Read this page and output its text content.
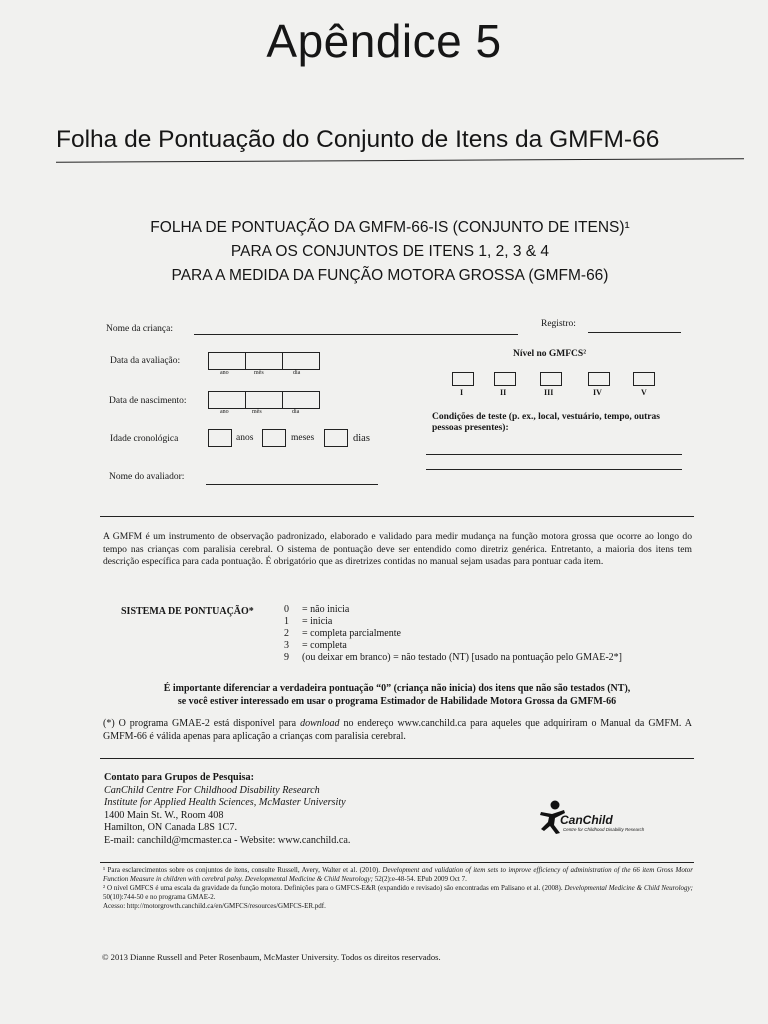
Apêndice 5
Folha de Pontuação do Conjunto de Itens da GMFM-66
FOLHA DE PONTUAÇÃO DA GMFM-66-IS (CONJUNTO DE ITENS)¹
PARA OS CONJUNTOS DE ITENS 1, 2, 3 & 4
PARA A MEDIDA DA FUNÇÃO MOTORA GROSSA (GMFM-66)
Nome da criança:	Registro:
Data da avaliação:
ano	mês	dia
Nível no GMFCS²
I	II	III	IV	V
Data de nascimento:
ano	mês	dia	Condições de teste (p. ex., local, vestuário, tempo, outras pessoas presentes):
Idade cronológica	anos	meses	dias
Nome do avaliador:
A GMFM é um instrumento de observação padronizado, elaborado e validado para medir mudança na função motora grossa que ocorre ao longo do tempo nas crianças com paralisia cerebral. O sistema de pontuação deve ser entendido como diretriz genérica. Entretanto, a maioria dos itens tem descrição específica para cada pontuação. É obrigatório que as diretrizes contidas no manual sejam usadas para pontuar cada item.
SISTEMA DE PONTUAÇÃO*	0 = não inicia
1 = inicia
2 = completa parcialmente
3 = completa
9 (ou deixar em branco) = não testado (NT) [usado na pontuação pelo GMAE-2*]
É importante diferenciar a verdadeira pontuação “0” (criança não inicia) dos itens que não são testados (NT),
se você estiver interessado em usar o programa Estimador de Habilidade Motora Grossa da GMFM-66
(*) O programa GMAE-2 está disponível para download no endereço www.canchild.ca para aqueles que adquiriram o Manual da GMFM. A GMFM-66 é válida apenas para aplicação a crianças com paralisia cerebral.
Contato para Grupos de Pesquisa:
CanChild Centre For Childhood Disability Research
Institute for Applied Health Sciences, McMaster University
1400 Main St. W., Room 408
Hamilton, ON Canada L8S 1C7.
E-mail: canchild@mcmaster.ca - Website: www.canchild.ca.
CanChild
Centre for Childhood Disability Research
¹ Para esclarecimentos sobre os conjuntos de itens, consulte Russell, Avery, Walter et al. (2010). Development and validation of item sets to improve efficiency of administration of the 66 item Gross Motor Function Measure in children with cerebral palsy. Developmental Medicine & Child Neurology; 52(2):e-48-54. EPub 2009 Oct 7.
² O nível GMFCS é uma escala da gravidade da função motora. Definições para o GMFCS-E&R (expandido e revisado) são encontradas em Palisano et al. (2008). Developmental Medicine & Child Neurology; 50(10):744-50 e no programa GMAE-2.
Acesso: http://motorgrowth.canchild.ca/en/GMFCS/resources/GMFCS-ER.pdf.
© 2013 Dianne Russell and Peter Rosenbaum, McMaster University. Todos os direitos reservados.
